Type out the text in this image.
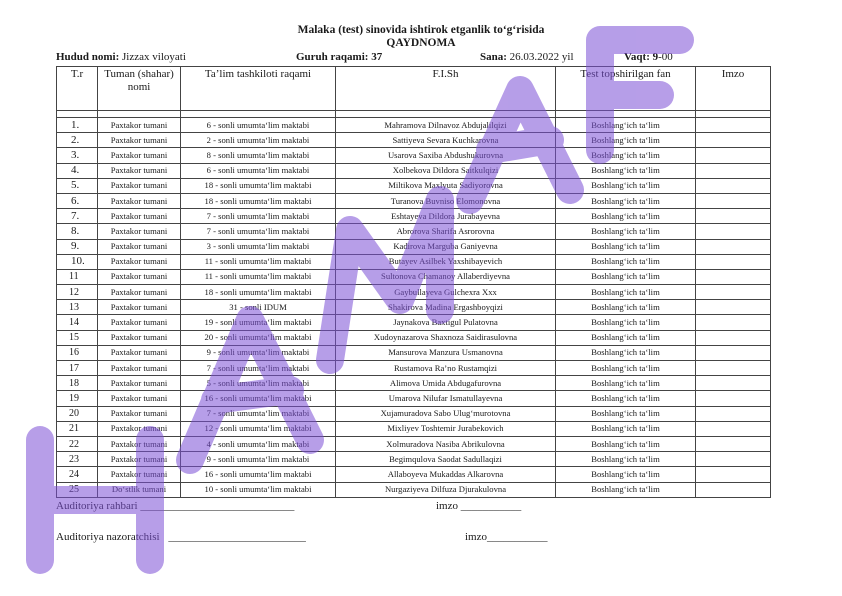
Malaka (test) sinovida ishtirok etganlik to‘g‘risida
QAYDNOMA
Hudud nomi: Jizzax viloyati	Guruh raqami: 37	Sana: 26.03.2022 yil	Vaqt: 9-00
T.r	Tuman (shahar) nomi	Ta’lim tashkiloti raqami	F.I.Sh	Test topshirilgan fan	Imzo

1.	Paxtakor tumani	6 - sonli umumta‘lim maktabi	Mahramova Dilnavoz Abdujalilqizi	Boshlang‘ich ta‘lim	
2.	Paxtakor tumani	2 - sonli umumta‘lim maktabi	Sattiyeva Sevara Kuchkarovna	Boshlang‘ich ta‘lim	
3.	Paxtakor tumani	8 - sonli umumta‘lim maktabi	Usarova Saxiba Abdushukurovna	Boshlang‘ich ta‘lim	
4.	Paxtakor tumani	6 - sonli umumta‘lim maktabi	Xolbekova Dildora Saitkulqizi	Boshlang‘ich ta‘lim	
5.	Paxtakor tumani	18 - sonli umumta‘lim maktabi	Miltikova Maxlyuta Sadiyorovna	Boshlang‘ich ta‘lim	
6.	Paxtakor tumani	18 - sonli umumta‘lim maktabi	Turanova Buvniso Elomonovna	Boshlang‘ich ta‘lim	
7.	Paxtakor tumani	7 - sonli umumta‘lim maktabi	Eshtayeva Dildora Jurabayevna	Boshlang‘ich ta‘lim	
8.	Paxtakor tumani	7 - sonli umumta‘lim maktabi	Abrorova Sharifa Asrorovna	Boshlang‘ich ta‘lim	
9.	Paxtakor tumani	3 - sonli umumta‘lim maktabi	Kadirova Marguba Ganiyevna	Boshlang‘ich ta‘lim	
10.	Paxtakor tumani	11 - sonli umumta‘lim maktabi	Butayev Asilbek Yaxshibayevich	Boshlang‘ich ta‘lim	
11	Paxtakor tumani	11 - sonli umumta‘lim maktabi	Sultonova Chamanoy Allaberdiyevna	Boshlang‘ich ta‘lim	
12	Paxtakor tumani	18 - sonli umumta‘lim maktabi	Gaybullayeva Gulchexra Xxx	Boshlang‘ich ta‘lim	
13	Paxtakor tumani	31 - sonli IDUM	Shakirova Madina Ergashboyqizi	Boshlang‘ich ta‘lim	
14	Paxtakor tumani	19 - sonli umumta‘lim maktabi	Jaynakova Baxtigul Pulatovna	Boshlang‘ich ta‘lim	
15	Paxtakor tumani	20 - sonli umumta‘lim maktabi	Xudoynazarova Shaxnoza Saidirasulovna	Boshlang‘ich ta‘lim	
16	Paxtakor tumani	9 - sonli umumta‘lim maktabi	Mansurova Manzura Usmanovna	Boshlang‘ich ta‘lim	
17	Paxtakor tumani	7 - sonli umumta‘lim maktabi	Rustamova Ra’no Rustamqizi	Boshlang‘ich ta‘lim	
18	Paxtakor tumani	5 - sonli umumta‘lim maktabi	Alimova Umida Abdugafurovna	Boshlang‘ich ta‘lim	
19	Paxtakor tumani	16 - sonli umumta‘lim maktabi	Umarova Nilufar Ismatullayevna	Boshlang‘ich ta‘lim	
20	Paxtakor tumani	7 - sonli umumta‘lim maktabi	Xujamuradova Sabo Ulug‘murotovna	Boshlang‘ich ta‘lim	
21	Paxtakor tumani	12 - sonli umumta‘lim maktabi	Mixliyev Toshtemir Jurabekovich	Boshlang‘ich ta‘lim	
22	Paxtakor tumani	4 - sonli umumta‘lim maktabi	Xolmuradova Nasiba Abrikulovna	Boshlang‘ich ta‘lim	
23	Paxtakor tumani	9 - sonli umumta‘lim maktabi	Begimqulova Saodat Sadullaqizi	Boshlang‘ich ta‘lim	
24	Paxtakor tumani	16 - sonli umumta‘lim maktabi	Allaboyeva Mukaddas Alkarovna	Boshlang‘ich ta‘lim	
25	Do‘stlik tumani	10 - sonli umumta‘lim maktabi	Nurgaziyeva Dilfuza Djurakulovna	Boshlang‘ich ta‘lim	
Auditoriya rahbari ____________________________	imzo ___________
Auditoriya nazoratchisi _________________________	imzo___________
